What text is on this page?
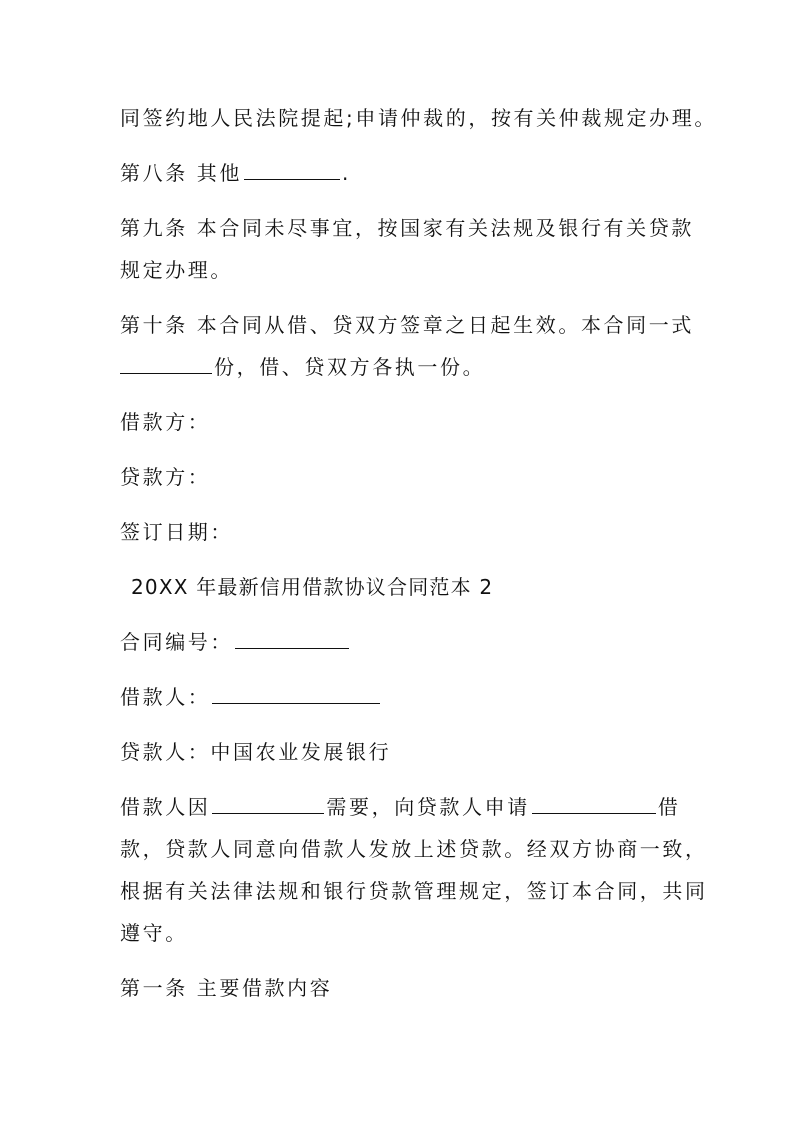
同签约地人民法院提起;申请仲裁的，按有关仲裁规定办理。
第八条 其他	.
第九条 本合同未尽事宜，按国家有关法规及银行有关贷款
规定办理。
第十条 本合同从借、贷双方签章之日起生效。本合同一式
份，借、贷双方各执一份。
借款方：
贷款方：
签订日期：
20XX 年最新信用借款协议合同范本 2
合同编号：
借款人：
贷款人：中国农业发展银行
借款人因	需要，向贷款人申请	借
款，贷款人同意向借款人发放上述贷款。经双方协商一致，
根据有关法律法规和银行贷款管理规定，签订本合同，共同
遵守。
第一条 主要借款内容
